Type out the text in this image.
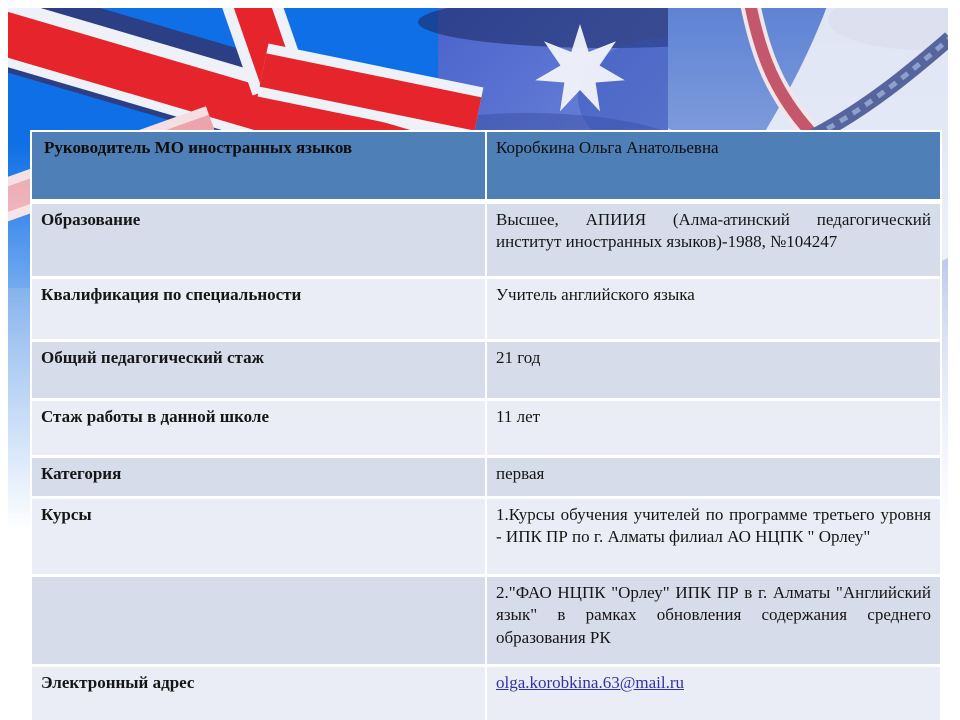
Руководитель МО иностранных языков	Коробкина Ольга Анатольевна
Образование	Высшее, АПИИЯ (Алма-атинский педагогический институт иностранных языков)-1988, №104247
Квалификация по специальности	Учитель английского языка
Общий педагогический стаж	21 год
Стаж работы в данной школе	11 лет
Категория	первая
Курсы	1.Курсы обучения учителей по программе третьего уровня - ИПК ПР по г. Алматы филиал АО НЦПК " Орлеу"
	2."ФАО НЦПК "Орлеу" ИПК ПР в г. Алматы "Английский язык" в рамках обновления содержания среднего образования РК
Электронный адрес	olga.korobkina.63@mail.ru
